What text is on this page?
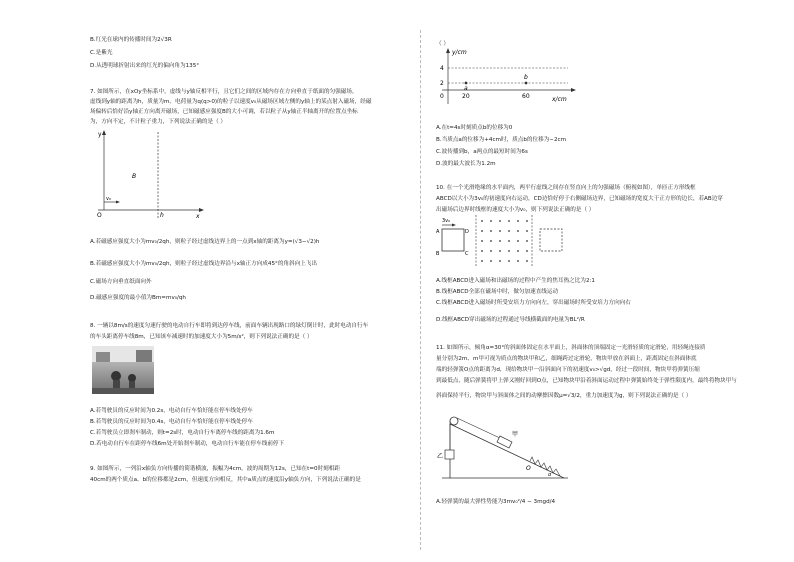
B.红光在球内的传播时间为2√3R
C.是紫光
D.从透明球折射出来的红光的偏向角为135°
7. 如图所示，在xOy坐标系中，虚线与y轴反相平行，且它们之间的区域内存在方向垂直于纸面的匀强磁场，
虚线到y轴的距离为h，质量为m、电荷量为q(q>0)的粒子以速度v₀从磁场区域左侧的y轴上的某点射入磁场，经磁
场偏转后恰好沿y轴正方向离开磁场，已知磁感应强度B的大小可调，若以粒子从y轴正半轴离开的位置点坐标
为，方向不定，不计粒子重力，下列说法正确的是（ ）
y
B
v₀
O	h	x
A.若磁感应强度大小为mv₀/2qh，则粒子经过虚线边界上的一点到x轴的距离为y=(√3−√2)h
B.若磁感应强度大小为mv₀/2qh，则粒子经过虚线边界沿与x轴正方向成45°的角斜向上飞出
C.磁场方向垂直纸面向外
D.磁感应强度的最小值为Bm=mv₀/qh
8. 一辆以8m/s的速度匀速行驶的电动自行车即将到达停车线，前面车辆出现路口的绿灯倒计时，此时电动自行车
的车头距离停车线8m，已知该车减速时的加速度大小为5m/s²，则下列说法正确的是（ ）
A.若驾驶员的反应时间为0.2s，电动自行车恰好能在停车线处停车
B.若驾驶员的反应时间为0.4s，电动自行车恰好能在停车线处停车
C.若驾驶员立即刹车制动，则t=2s时，电动自行车离停车线的距离为1.6m
D.若电动自行车在距停车线6m处开始刹车制动，电动自行车能在停车线前停下
9. 如图所示，一列沿x轴负方向传播的简谐横波，振幅为4cm，波的周期为12s，已知在t=0时刻相距
40cm的两个质点a、b的位移都是2cm，但速度方向相反，其中a质点的速度沿y轴负方向，下列说法正确的是
（ ）
y/cm
4
2
0	20	60
a
b
x/cm
A.在t=4s时刻质点b的位移为0
B.当质点a的位移为+4cm时，质点b的位移为−2cm
C.波传播到b，a两点的最短时间为6s
D.波的最大波长为1.2m
10. 在一个光滑绝缘的水平面内，两平行虚线之间存在竖直向上的匀强磁场（俯视如图），单匝正方形线框
ABCD以大小为3v₀的初速度向右运动，CD边恰好停于右侧磁场边界，已知磁场的宽度大于正方形的边长，若AB边穿
出磁场后边界时线框的速度大小为v₀，则下列说法正确的是（ ）
3v₀
A
B
D
C
A.线框ABCD进入磁场和出磁场的过程中产生的焦耳热之比为2:1
B.线框ABCD全部在磁场中时，做匀加速直线运动
C.线框ABCD进入磁场时所受安培力方向向左，穿出磁场时所受安培力方向向右
D.线框ABCD穿出磁场的过程通过导线横截面的电量为BL²/R
11. 如图所示，倾角α=30°的斜面体固定在水平面上，斜面体的顶端固定一光滑轻质的定滑轮，用轻绳连接质
量分别为2m、m甲可视为质点的物块甲和乙，细绳跨过定滑轮，物块甲放在斜面上，距离固定在斜面体底
端的轻弹簧O点的距离为d，现给物块甲一沿斜面向下的初速度v₀>√gd，经过一段时间，物块甲将弹簧压缩
到最低点，随后弹簧将甲上弹又刚好回到O点，已知物块甲沿着斜面运动过程中弹簧始终处于弹性限度内，最终将物块甲与
斜面保持平行，物块甲与斜面体之间的动摩擦因数μ=√3/2，重力加速度为g，则下列说法正确的是（ ）
甲
乙
O
α
A.轻弹簧的最大弹性势能为3mv₀²/4 − 3mgd/4
